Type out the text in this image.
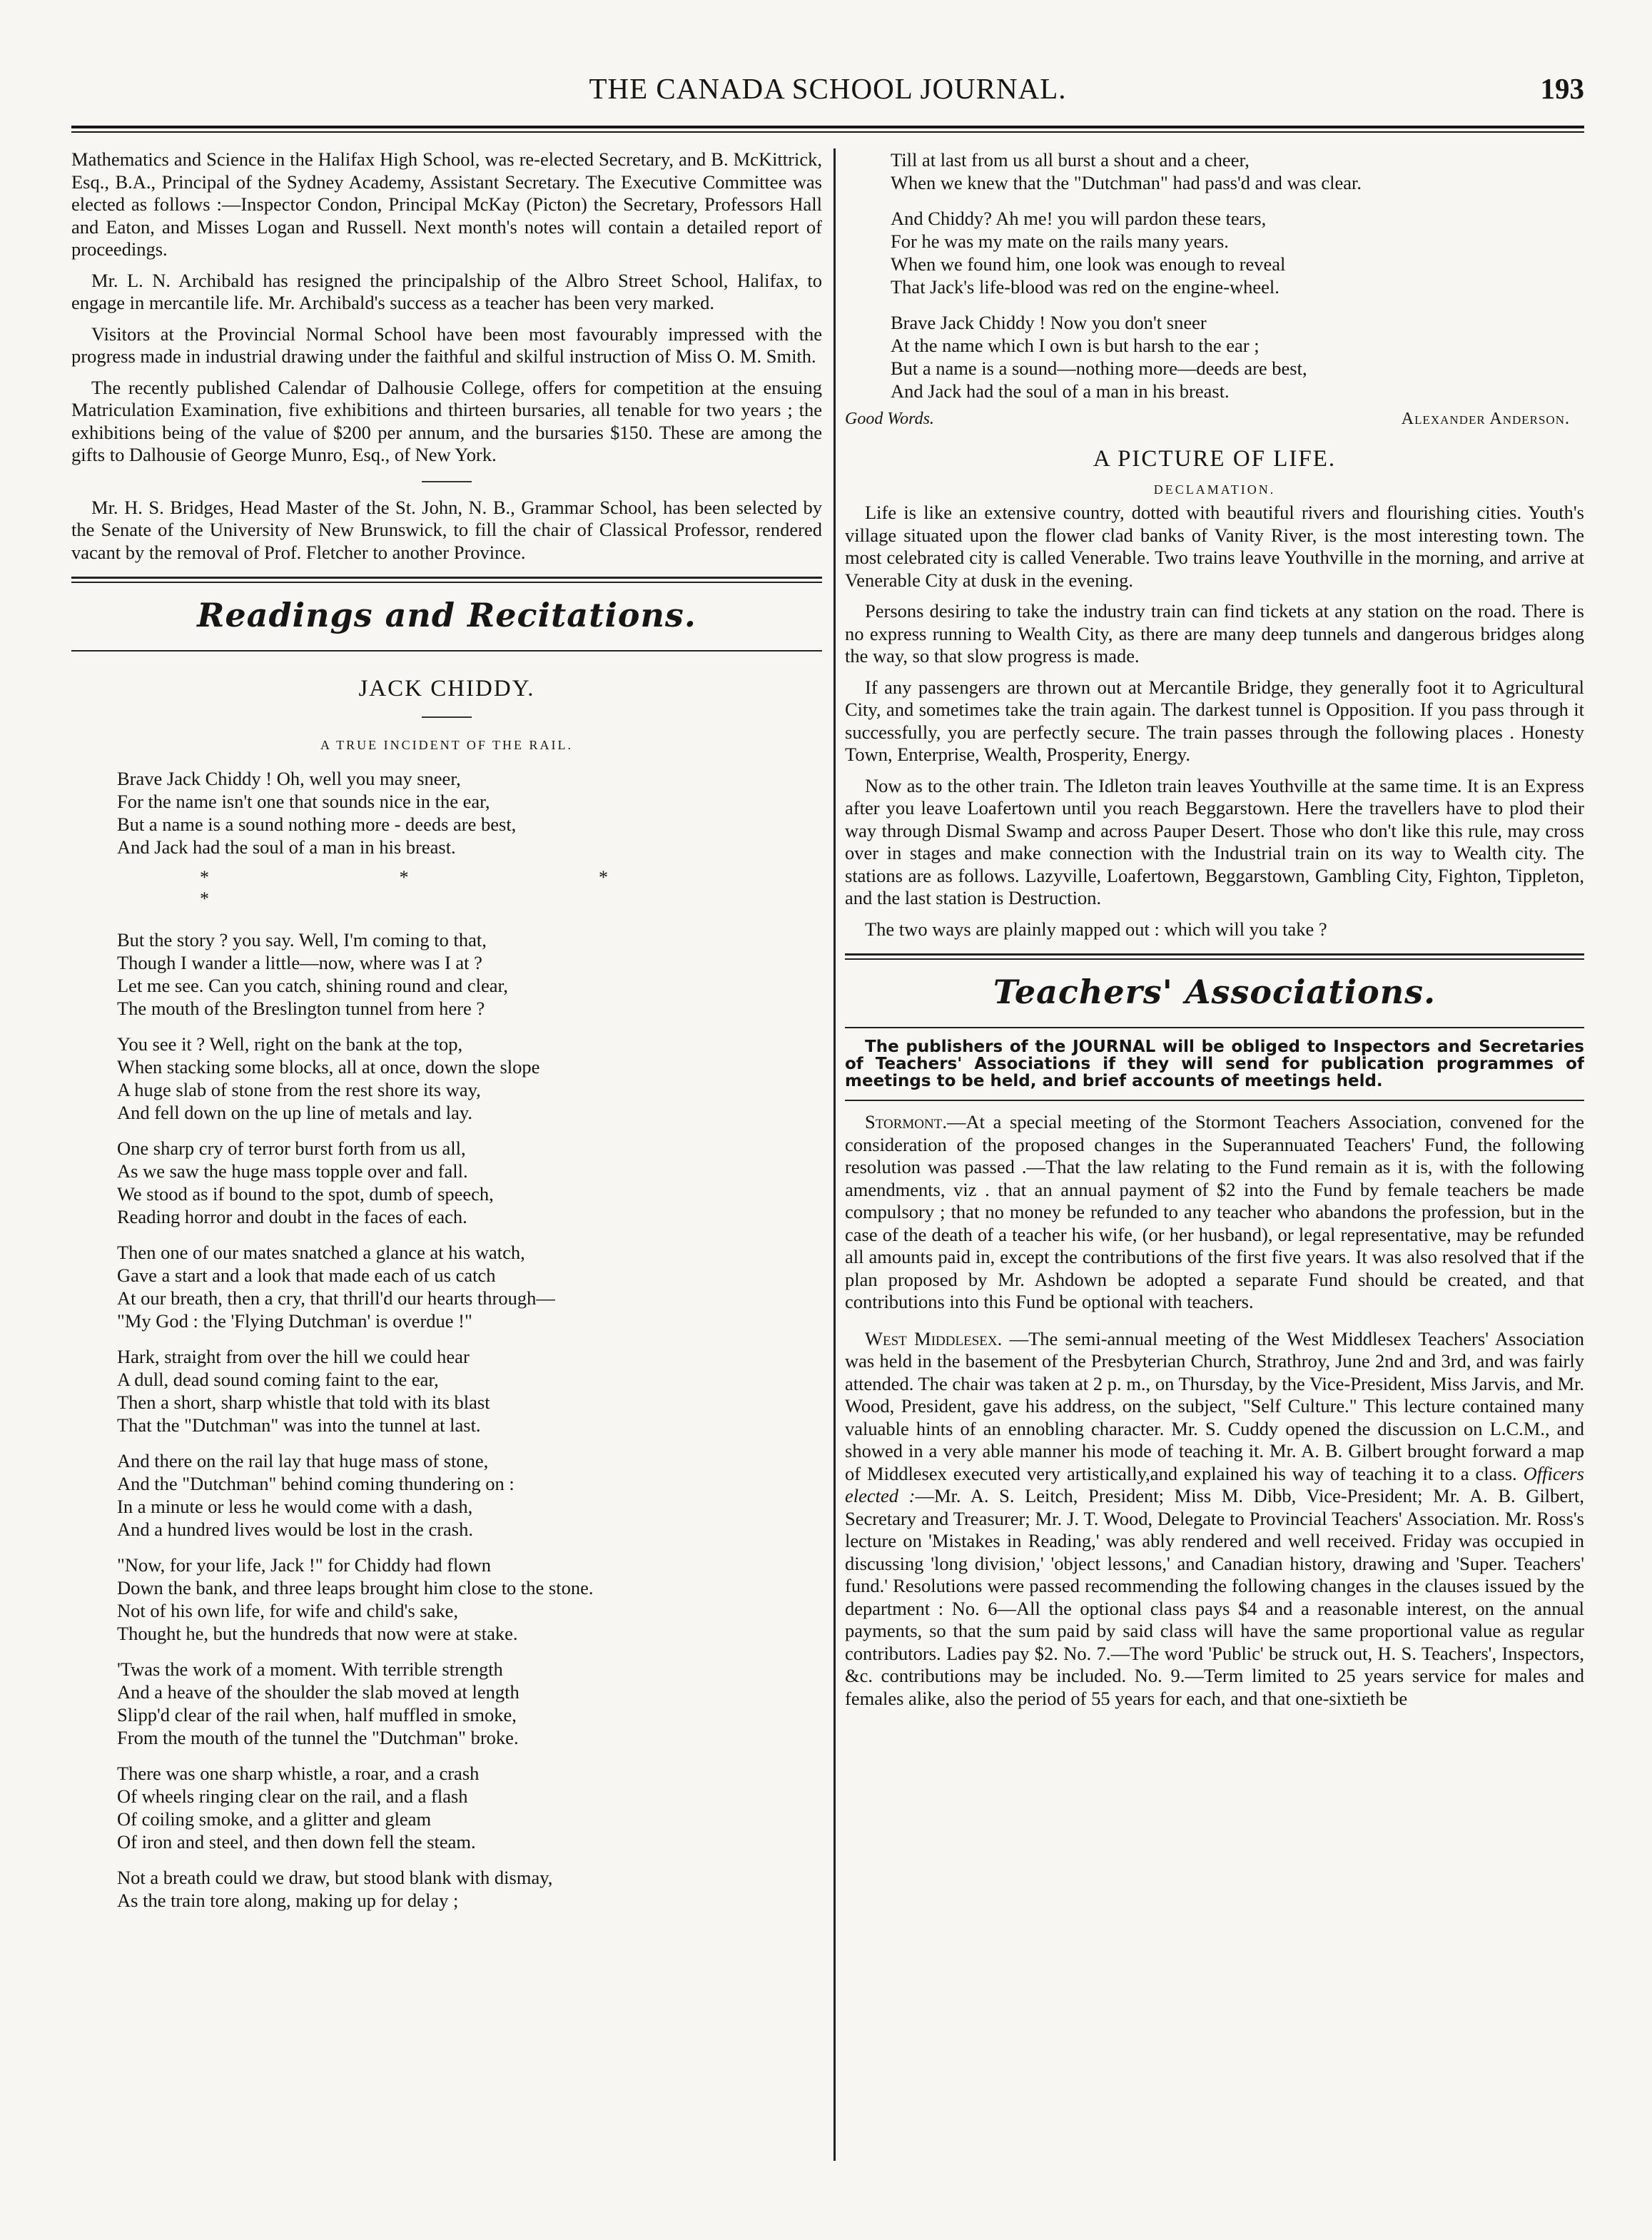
THE CANADA SCHOOL JOURNAL.	193

Mathematics and Science in the Halifax High School, was re-elected Secretary, and B. McKittrick, Esq., B.A., Principal of the Sydney Academy, Assistant Secretary. The Executive Committee was elected as follows :—Inspector Condon, Principal McKay (Picton) the Secretary, Professors Hall and Eaton, and Misses Logan and Russell. Next month's notes will contain a detailed report of proceedings.

Mr. L. N. Archibald has resigned the principalship of the Albro Street School, Halifax, to engage in mercantile life. Mr. Archibald's success as a teacher has been very marked.

Visitors at the Provincial Normal School have been most favourably impressed with the progress made in industrial drawing under the faithful and skilful instruction of Miss O. M. Smith.

The recently published Calendar of Dalhousie College, offers for competition at the ensuing Matriculation Examination, five exhibitions and thirteen bursaries, all tenable for two years ; the exhibitions being of the value of $200 per annum, and the bursaries $150. These are among the gifts to Dalhousie of George Munro, Esq., of New York.

Mr. H. S. Bridges, Head Master of the St. John, N. B., Grammar School, has been selected by the Senate of the University of New Brunswick, to fill the chair of Classical Professor, rendered vacant by the removal of Prof. Fletcher to another Province.

Readings and Recitations.
JACK CHIDDY.
A TRUE INCIDENT OF THE RAIL.
Brave Jack Chiddy ! Oh, well you may sneer,
For the name isn't one that sounds nice in the ear,
But a name is a sound nothing more - deeds are best,
And Jack had the soul of a man in his breast.
* * * *
But the story ? you say. Well, I'm coming to that,
Though I wander a little—now, where was I at ?
Let me see. Can you catch, shining round and clear,
The mouth of the Breslington tunnel from here ?
You see it ? Well, right on the bank at the top,
When stacking some blocks, all at once, down the slope
A huge slab of stone from the rest shore its way,
And fell down on the up line of metals and lay.
One sharp cry of terror burst forth from us all,
As we saw the huge mass topple over and fall.
We stood as if bound to the spot, dumb of speech,
Reading horror and doubt in the faces of each.
Then one of our mates snatched a glance at his watch,
Gave a start and a look that made each of us catch
At our breath, then a cry, that thrill'd our hearts through—
"My God : the 'Flying Dutchman' is overdue !"
Hark, straight from over the hill we could hear
A dull, dead sound coming faint to the ear,
Then a short, sharp whistle that told with its blast
That the "Dutchman" was into the tunnel at last.
And there on the rail lay that huge mass of stone,
And the "Dutchman" behind coming thundering on :
In a minute or less he would come with a dash,
And a hundred lives would be lost in the crash.
"Now, for your life, Jack !" for Chiddy had flown
Down the bank, and three leaps brought him close to the stone.
Not of his own life, for wife and child's sake,
Thought he, but the hundreds that now were at stake.
'Twas the work of a moment. With terrible strength
And a heave of the shoulder the slab moved at length
Slipp'd clear of the rail when, half muffled in smoke,
From the mouth of the tunnel the "Dutchman" broke.
There was one sharp whistle, a roar, and a crash
Of wheels ringing clear on the rail, and a flash
Of coiling smoke, and a glitter and gleam
Of iron and steel, and then down fell the steam.
Not a breath could we draw, but stood blank with dismay,
As the train tore along, making up for delay ;
Till at last from us all burst a shout and a cheer,
When we knew that the "Dutchman" had pass'd and was clear.
And Chiddy? Ah me! you will pardon these tears,
For he was my mate on the rails many years.
When we found him, one look was enough to reveal
That Jack's life-blood was red on the engine-wheel.
Brave Jack Chiddy ! Now you don't sneer
At the name which I own is but harsh to the ear ;
But a name is a sound—nothing more—deeds are best,
And Jack had the soul of a man in his breast.
Good Words.	Alexander Anderson.
A PICTURE OF LIFE.
DECLAMATION.

Life is like an extensive country, dotted with beautiful rivers and flourishing cities. Youth's village situated upon the flower clad banks of Vanity River, is the most interesting town. The most celebrated city is called Venerable. Two trains leave Youthville in the morning, and arrive at Venerable City at dusk in the evening.

Persons desiring to take the industry train can find tickets at any station on the road. There is no express running to Wealth City, as there are many deep tunnels and dangerous bridges along the way, so that slow progress is made.

If any passengers are thrown out at Mercantile Bridge, they generally foot it to Agricultural City, and sometimes take the train again. The darkest tunnel is Opposition. If you pass through it successfully, you are perfectly secure. The train passes through the following places . Honesty Town, Enterprise, Wealth, Prosperity, Energy.

Now as to the other train. The Idleton train leaves Youthville at the same time. It is an Express after you leave Loafertown until you reach Beggarstown. Here the travellers have to plod their way through Dismal Swamp and across Pauper Desert. Those who don't like this rule, may cross over in stages and make connection with the Industrial train on its way to Wealth city. The stations are as follows. Lazyville, Loafertown, Beggarstown, Gambling City, Fighton, Tippleton, and the last station is Destruction.

The two ways are plainly mapped out : which will you take ?

Teachers' Associations.
The publishers of the JOURNAL will be obliged to Inspectors and Secretaries of Teachers' Associations if they will send for publication programmes of meetings to be held, and brief accounts of meetings held.

Stormont.—At a special meeting of the Stormont Teachers Association, convened for the consideration of the proposed changes in the Superannuated Teachers' Fund, the following resolution was passed .—That the law relating to the Fund remain as it is, with the following amendments, viz . that an annual payment of $2 into the Fund by female teachers be made compulsory ; that no money be refunded to any teacher who abandons the profession, but in the case of the death of a teacher his wife, (or her husband), or legal representative, may be refunded all amounts paid in, except the contributions of the first five years. It was also resolved that if the plan proposed by Mr. Ashdown be adopted a separate Fund should be created, and that contributions into this Fund be optional with teachers.

West Middlesex. —The semi-annual meeting of the West Middlesex Teachers' Association was held in the basement of the Presbyterian Church, Strathroy, June 2nd and 3rd, and was fairly attended. The chair was taken at 2 p. m., on Thursday, by the Vice-President, Miss Jarvis, and Mr. Wood, President, gave his address, on the subject, "Self Culture." This lecture contained many valuable hints of an ennobling character. Mr. S. Cuddy opened the discussion on L.C.M., and showed in a very able manner his mode of teaching it. Mr. A. B. Gilbert brought forward a map of Middlesex executed very artistically,and explained his way of teaching it to a class. Officers elected :—Mr. A. S. Leitch, President; Miss M. Dibb, Vice-President; Mr. A. B. Gilbert, Secretary and Treasurer; Mr. J. T. Wood, Delegate to Provincial Teachers' Association. Mr. Ross's lecture on 'Mistakes in Reading,' was ably rendered and well received. Friday was occupied in discussing 'long division,' 'object lessons,' and Canadian history, drawing and 'Super. Teachers' fund.' Resolutions were passed recommending the following changes in the clauses issued by the department : No. 6—All the optional class pays $4 and a reasonable interest, on the annual payments, so that the sum paid by said class will have the same proportional value as regular contributors. Ladies pay $2. No. 7.—The word 'Public' be struck out, H. S. Teachers', Inspectors, &c. contributions may be included. No. 9.—Term limited to 25 years service for males and females alike, also the period of 55 years for each, and that one-sixtieth be
